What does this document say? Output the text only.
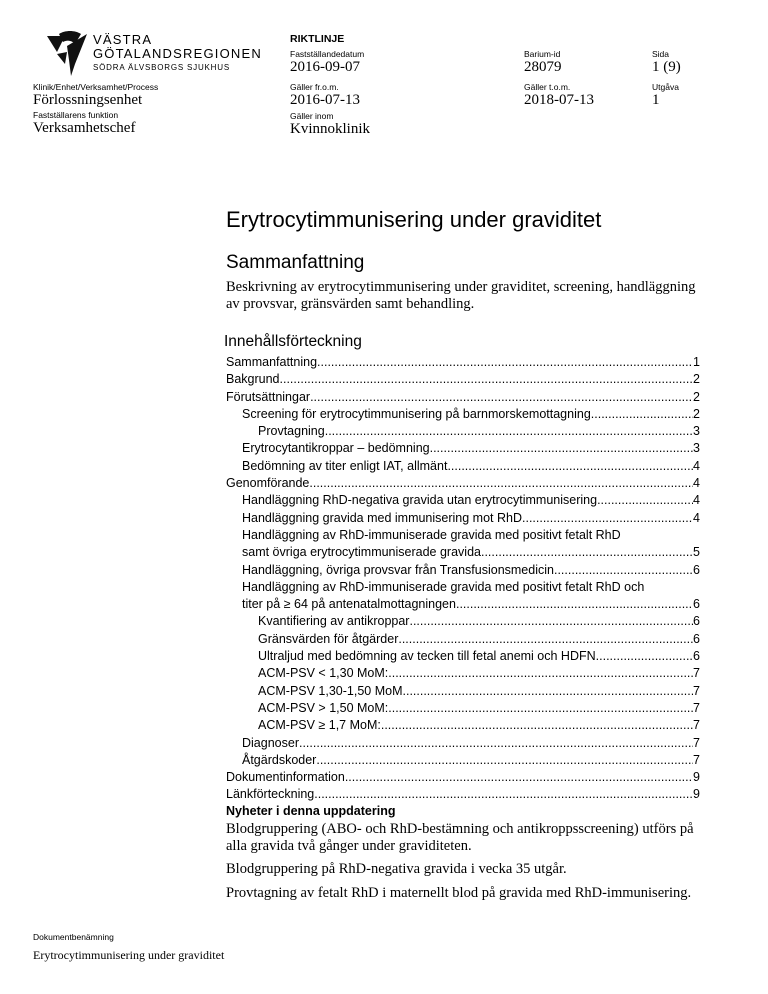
VÄSTRA
GÖTALANDSREGIONEN
SÖDRA ÄLVSBORGS SJUKHUS
RIKTLINJE
Klinik/Enhet/Verksamhet/Process
Förlossningsenhet
Fastställarens funktion
Verksamhetschef
Fastställandedatum
2016-09-07
Barium-id
28079
Sida
1 (9)
Gäller fr.o.m.
2016-07-13
Gäller t.o.m.
2018-07-13
Utgåva
1
Gäller inom
Kvinnoklinik
Erytrocytimmunisering under graviditet
Sammanfattning
Beskrivning av erytrocytimmunisering under graviditet, screening, handläggning av provsvar, gränsvärden samt behandling.
Innehållsförteckning
Sammanfattning .....	1
Bakgrund .....	2
Förutsättningar .....	2
Screening för erytrocytimmunisering på barnmorskemottagning .....	2
Provtagning .....	3
Erytrocytantikroppar – bedömning .....	3
Bedömning av titer enligt IAT, allmänt .....	4
Genomförande .....	4
Handläggning RhD-negativa gravida utan erytrocytimmunisering .....	4
Handläggning gravida med immunisering mot RhD .....	4
Handläggning av RhD-immuniserade gravida med positivt fetalt RhD
samt övriga erytrocytimmuniserade gravida .....	5
Handläggning, övriga provsvar från Transfusionsmedicin .....	6
Handläggning av RhD-immuniserade gravida med positivt fetalt RhD och
titer på ≥ 64 på antenatalmottagningen .....	6
Kvantifiering av antikroppar .....	6
Gränsvärden för åtgärder .....	6
Ultraljud med bedömning av tecken till fetal anemi och HDFN .....	6
ACM-PSV < 1,30 MoM: .....	7
ACM-PSV 1,30-1,50 MoM .....	7
ACM-PSV > 1,50 MoM: .....	7
ACM-PSV ≥ 1,7 MoM: .....	7
Diagnoser .....	7
Åtgärdskoder .....	7
Dokumentinformation .....	9
Länkförteckning .....	9
Nyheter i denna uppdatering
Blodgruppering (ABO- och RhD-bestämning och antikroppsscreening) utförs på alla gravida två gånger under graviditeten.
Blodgruppering på RhD-negativa gravida i vecka 35 utgår.
Provtagning av fetalt RhD i maternellt blod på gravida med RhD-immunisering.
Dokumentbenämning
Erytrocytimmunisering under graviditet
